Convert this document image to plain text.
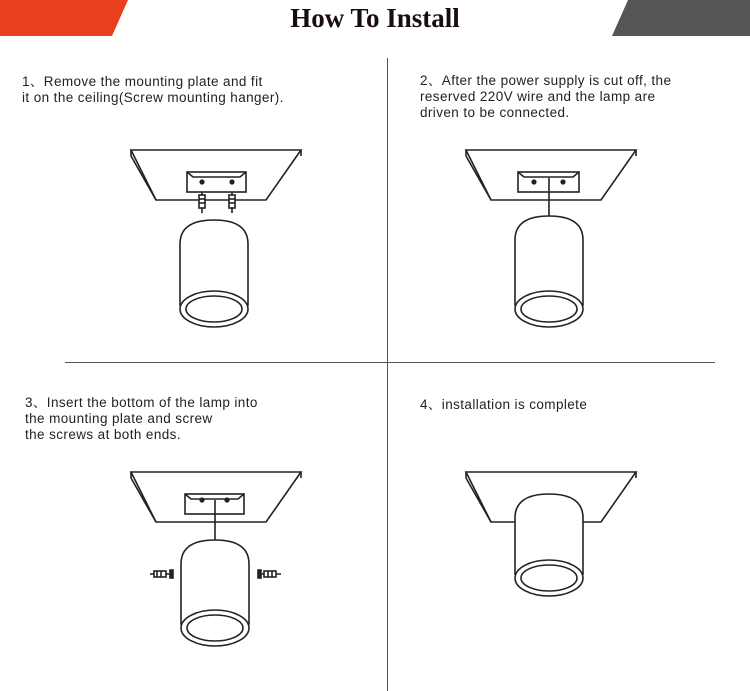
How To Install

1、Remove the mounting plate and fit
it on the ceiling(Screw mounting hanger).

2、After the power supply is cut off, the
reserved 220V wire and the lamp are
driven to be connected.

3、Insert the bottom of the lamp into
the mounting plate and screw
the screws at both ends.

4、installation is complete
